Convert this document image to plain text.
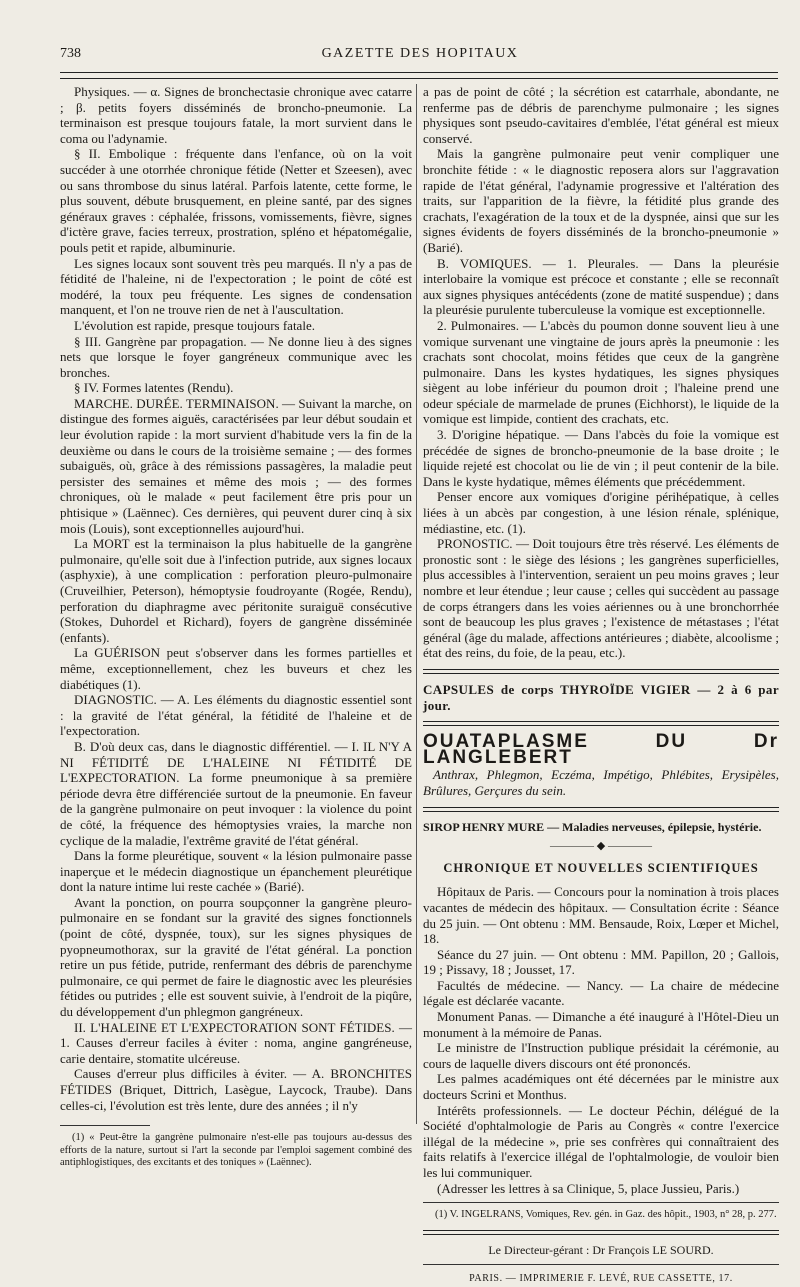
738	GAZETTE DES HOPITAUX

Physiques. — α. Signes de bronchectasie chronique avec catarre ; β. petits foyers disséminés de broncho-pneumonie. La terminaison est presque toujours fatale, la mort survient dans le coma ou l'adynamie.

§ II. Embolique : fréquente dans l'enfance, où on la voit succéder à une otorrhée chronique fétide (Netter et Szeesen), avec ou sans thrombose du sinus latéral. Parfois latente, cette forme, le plus souvent, débute brusquement, en pleine santé, par des signes généraux graves : céphalée, frissons, vomissements, fièvre, signes d'ictère grave, facies terreux, prostration, spléno et hépatomégalie, pouls petit et rapide, albuminurie.

Les signes locaux sont souvent très peu marqués. Il n'y a pas de fétidité de l'haleine, ni de l'expectoration ; le point de côté est modéré, la toux peu fréquente. Les signes de condensation manquent, et l'on ne trouve rien de net à l'auscultation.

L'évolution est rapide, presque toujours fatale.

§ III. Gangrène par propagation. — Ne donne lieu à des signes nets que lorsque le foyer gangréneux communique avec les bronches.

§ IV. Formes latentes (Rendu).

MARCHE. DURÉE. TERMINAISON. — Suivant la marche, on distingue des formes aiguës, caractérisées par leur début soudain et leur évolution rapide : la mort survient d'habitude vers la fin de la deuxième ou dans le cours de la troisième semaine ; — des formes subaiguës, où, grâce à des rémissions passagères, la maladie peut persister des semaines et même des mois ; — des formes chroniques, où le malade « peut facilement être pris pour un phtisique » (Laënnec). Ces dernières, qui peuvent durer cinq à six mois (Louis), sont exceptionnelles aujourd'hui.

La MORT est la terminaison la plus habituelle de la gangrène pulmonaire, qu'elle soit due à l'infection putride, aux signes locaux (asphyxie), à une complication : perforation pleuro-pulmonaire (Cruveilhier, Peterson), hémoptysie foudroyante (Rogée, Rendu), perforation du diaphragme avec péritonite suraiguë consécutive (Stokes, Duhordel et Richard), foyers de gangrène disséminée (enfants).

La GUÉRISON peut s'observer dans les formes partielles et même, exceptionnellement, chez les buveurs et chez les diabétiques (1).

DIAGNOSTIC. — A. Les éléments du diagnostic essentiel sont : la gravité de l'état général, la fétidité de l'haleine et de l'expectoration.

B. D'où deux cas, dans le diagnostic différentiel. — I. IL N'Y A NI FÉTIDITÉ DE L'HALEINE NI FÉTIDITÉ DE L'EXPECTORATION. La forme pneumonique à sa première période devra être différenciée surtout de la pneumonie. En faveur de la gangrène pulmonaire on peut invoquer : la violence du point de côté, la fréquence des hémoptysies vraies, la marche non cyclique de la maladie, l'extrême gravité de l'état général.

Dans la forme pleurétique, souvent « la lésion pulmonaire passe inaperçue et le médecin diagnostique un épanchement pleurétique dont la nature intime lui reste cachée » (Barié).

Avant la ponction, on pourra soupçonner la gangrène pleuro-pulmonaire en se fondant sur la gravité des signes fonctionnels (point de côté, dyspnée, toux), sur les signes physiques de pyopneumothorax, sur la gravité de l'état général. La ponction retire un pus fétide, putride, renfermant des débris de parenchyme pulmonaire, ce qui permet de faire le diagnostic avec les pleurésies fétides ou putrides ; elle est souvent suivie, à l'endroit de la piqûre, du développement d'un phlegmon gangréneux.

II. L'HALEINE ET L'EXPECTORATION SONT FÉTIDES. — 1. Causes d'erreur faciles à éviter : noma, angine gangréneuse, carie dentaire, stomatite ulcéreuse.

Causes d'erreur plus difficiles à éviter. — A. BRONCHITES FÉTIDES (Briquet, Dittrich, Lasègue, Laycock, Traube). Dans celles-ci, l'évolution est très lente, dure des années ; il n'y

(1) « Peut-être la gangrène pulmonaire n'est-elle pas toujours au-dessus des efforts de la nature, surtout si l'art la seconde par l'emploi sagement combiné des antiphlogistiques, des excitants et des toniques » (Laënnec).

a pas de point de côté ; la sécrétion est catarrhale, abondante, ne renferme pas de débris de parenchyme pulmonaire ; les signes physiques sont pseudo-cavitaires d'emblée, l'état général est mieux conservé.

Mais la gangrène pulmonaire peut venir compliquer une bronchite fétide : « le diagnostic reposera alors sur l'aggravation rapide de l'état général, l'adynamie progressive et l'altération des traits, sur l'apparition de la fièvre, la fétidité plus grande des crachats, l'exagération de la toux et de la dyspnée, ainsi que sur les signes évidents de foyers disséminés de la broncho-pneumonie » (Barié).

B. VOMIQUES. — 1. Pleurales. — Dans la pleurésie interlobaire la vomique est précoce et constante ; elle se reconnaît aux signes physiques antécédents (zone de matité suspendue) ; dans la pleurésie purulente tuberculeuse la vomique est exceptionnelle.

2. Pulmonaires. — L'abcès du poumon donne souvent lieu à une vomique survenant une vingtaine de jours après la pneumonie : les crachats sont chocolat, moins fétides que ceux de la gangrène pulmonaire. Dans les kystes hydatiques, les signes physiques siègent au lobe inférieur du poumon droit ; l'haleine prend une odeur spéciale de marmelade de prunes (Eichhorst), le liquide de la vomique est limpide, contient des crachats, etc.

3. D'origine hépatique. — Dans l'abcès du foie la vomique est précédée de signes de broncho-pneumonie de la base droite ; le liquide rejeté est chocolat ou lie de vin ; il peut contenir de la bile. Dans le kyste hydatique, mêmes éléments que précédemment.

Penser encore aux vomiques d'origine périhépatique, à celles liées à un abcès par congestion, à une lésion rénale, splénique, médiastine, etc. (1).

PRONOSTIC. — Doit toujours être très réservé. Les éléments de pronostic sont : le siège des lésions ; les gangrènes superficielles, plus accessibles à l'intervention, seraient un peu moins graves ; leur nombre et leur étendue ; leur cause ; celles qui succèdent au passage de corps étrangers dans les voies aériennes ou à une bronchorrhée sont de beaucoup les plus graves ; l'existence de métastases ; l'état général (âge du malade, affections antérieures ; diabète, alcoolisme ; état des reins, du foie, de la peau, etc.).

CAPSULES de corps THYROÏDE VIGIER — 2 à 6 par jour.

OUATAPLASME DU Dr LANGLEBERT

Anthrax, Phlegmon, Eczéma, Impétigo, Phlébites, Erysipèles, Brûlures, Gerçures du sein.

SIROP HENRY MURE — Maladies nerveuses, épilepsie, hystérie.

———— ◆ ————

CHRONIQUE ET NOUVELLES SCIENTIFIQUES

Hôpitaux de Paris. — Concours pour la nomination à trois places vacantes de médecin des hôpitaux. — Consultation écrite : Séance du 25 juin. — Ont obtenu : MM. Bensaude, Roix, Lœper et Michel, 18.

Séance du 27 juin. — Ont obtenu : MM. Papillon, 20 ; Gallois, 19 ; Pissavy, 18 ; Jousset, 17.

Facultés de médecine. — Nancy. — La chaire de médecine légale est déclarée vacante.

Monument Panas. — Dimanche a été inauguré à l'Hôtel-Dieu un monument à la mémoire de Panas.

Le ministre de l'Instruction publique présidait la cérémonie, au cours de laquelle divers discours ont été prononcés.

Les palmes académiques ont été décernées par le ministre aux docteurs Scrini et Monthus.

Intérêts professionnels. — Le docteur Péchin, délégué de la Société d'ophtalmologie de Paris au Congrès « contre l'exercice illégal de la médecine », prie ses confrères qui connaîtraient des faits relatifs à l'exercice illégal de l'ophtalmologie, de vouloir bien les lui communiquer.

(Adresser les lettres à sa Clinique, 5, place Jussieu, Paris.)

(1) V. INGELRANS, Vomiques, Rev. gén. in Gaz. des hôpit., 1903, n° 28, p. 277.

Le Directeur-gérant : Dr François LE SOURD.

PARIS. — IMPRIMERIE F. LEVÉ, RUE CASSETTE, 17.
